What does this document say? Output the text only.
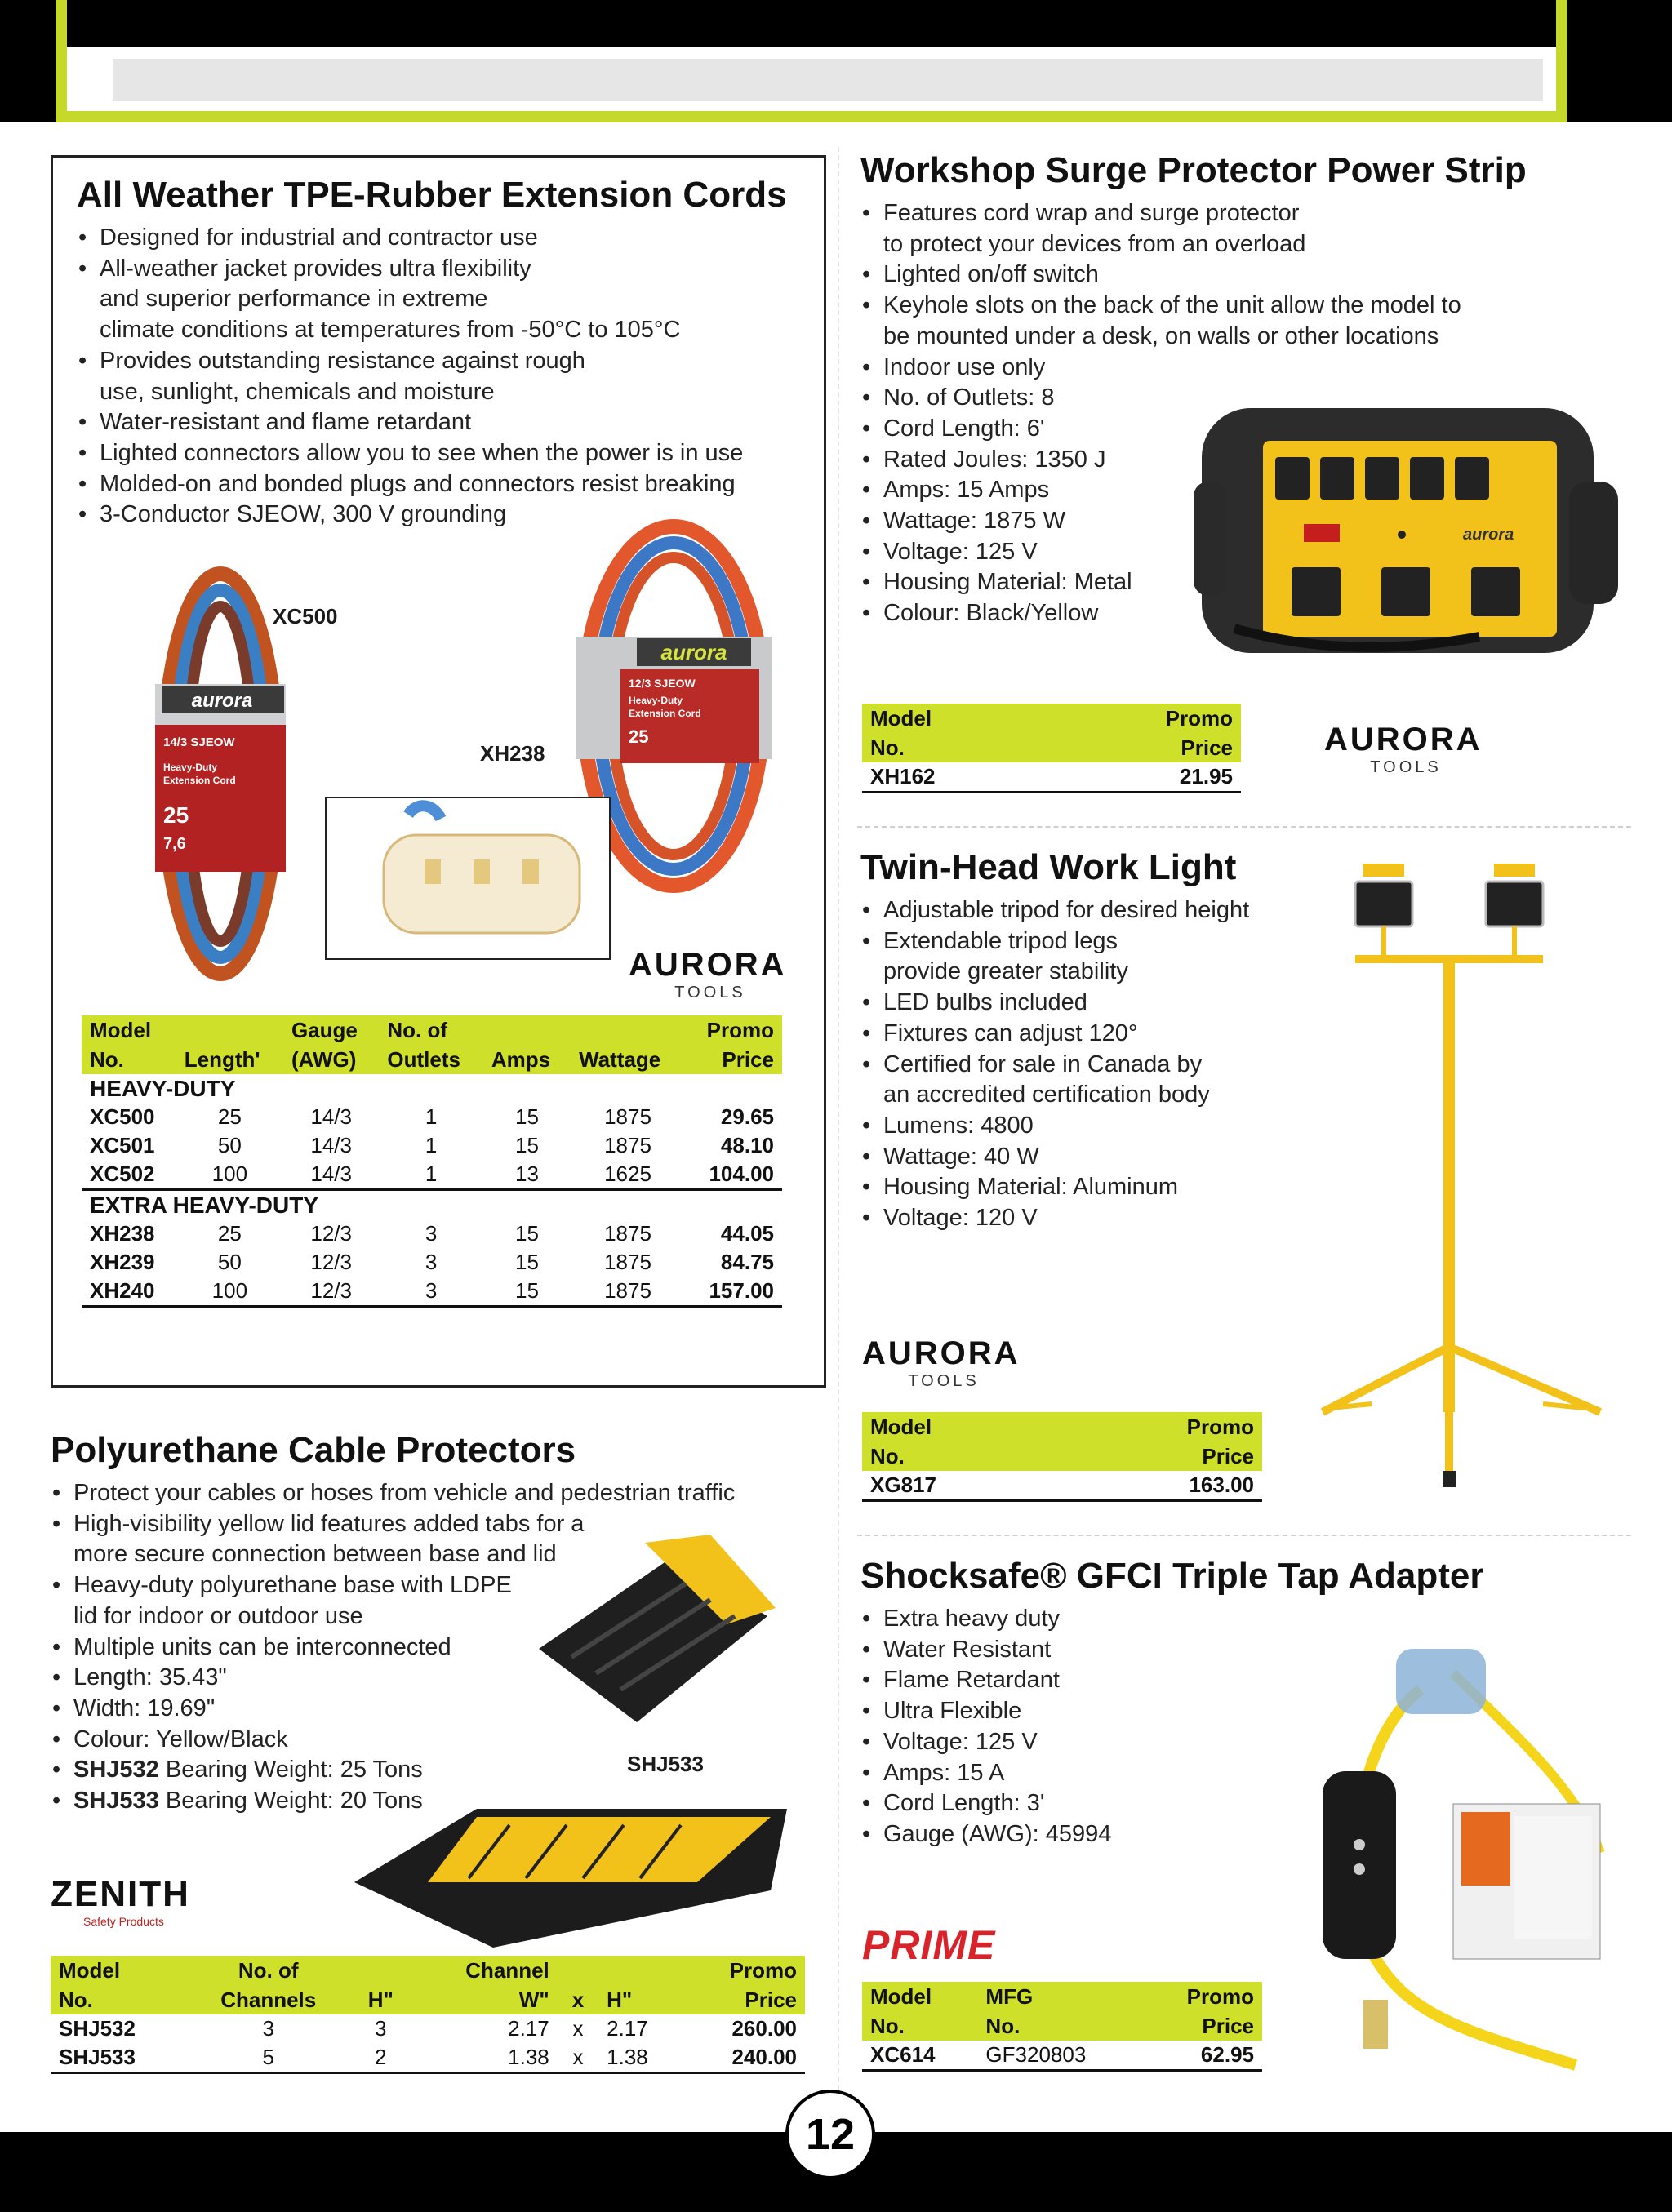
All Weather TPE-Rubber Extension Cords
• Designed for industrial and contractor use
• All-weather jacket provides ultra flexibility
and superior performance in extreme
climate conditions at temperatures from -50°C to 105°C
• Provides outstanding resistance against rough
use, sunlight, chemicals and moisture
• Water-resistant and flame retardant
• Lighted connectors allow you to see when the power is in use
• Molded-on and bonded plugs and connectors resist breaking
• 3-Conductor SJEOW, 300 V grounding
aurora
14/3 SJEOW
Heavy-Duty
Extension Cord
25
7,6
XC500
aurora
12/3 SJEOW
Heavy-Duty
Extension Cord
25
XH238
AURORA
TOOLS
Model		Gauge	No. of			Promo
No.	Length'	(AWG)	Outlets	Amps	Wattage	Price
HEAVY-DUTY						
XC500	25	14/3	1	15	1875	29.65
XC501	50	14/3	1	15	1875	48.10
XC502	100	14/3	1	13	1625	104.00
EXTRA HEAVY-DUTY						
XH238	25	12/3	3	15	1875	44.05
XH239	50	12/3	3	15	1875	84.75
XH240	100	12/3	3	15	1875	157.00
Workshop Surge Protector Power Strip
• Features cord wrap and surge protector
to protect your devices from an overload
• Lighted on/off switch
• Keyhole slots on the back of the unit allow the model to
be mounted under a desk, on walls or other locations
• Indoor use only
• No. of Outlets: 8
• Cord Length: 6'
• Rated Joules: 1350 J
• Amps: 15 Amps
• Wattage: 1875 W
• Voltage: 125 V
• Housing Material: Metal
• Colour: Black/Yellow
aurora
Model	Promo
No.	Price
XH162	21.95
AURORA
TOOLS
Twin-Head Work Light
• Adjustable tripod for desired height
• Extendable tripod legs
provide greater stability
• LED bulbs included
• Fixtures can adjust 120°
• Certified for sale in Canada by
an accredited certification body
• Lumens: 4800
• Wattage: 40 W
• Housing Material: Aluminum
• Voltage: 120 V
AURORA
TOOLS
Model	Promo
No.	Price
XG817	163.00
Polyurethane Cable Protectors
• Protect your cables or hoses from vehicle and pedestrian traffic
• High-visibility yellow lid features added tabs for a
more secure connection between base and lid
• Heavy-duty polyurethane base with LDPE
lid for indoor or outdoor use
• Multiple units can be interconnected
• Length: 35.43"
• Width: 19.69"
• Colour: Yellow/Black
• SHJ532 Bearing Weight: 25 Tons
• SHJ533 Bearing Weight: 20 Tons
SHJ533
ZENITH
Safety Products
Model	No. of		Channel			Promo
No.	Channels	H"	W"	x	H"	Price
SHJ532	3	3	2.17	x	2.17	260.00
SHJ533	5	2	1.38	x	1.38	240.00
Shocksafe® GFCI Triple Tap Adapter
• Extra heavy duty
• Water Resistant
• Flame Retardant
• Ultra Flexible
• Voltage: 125 V
• Amps: 15 A
• Cord Length: 3'
• Gauge (AWG): 45994
PRIME
Model	MFG	Promo
No.	No.	Price
XC614	GF320803	62.95
12
